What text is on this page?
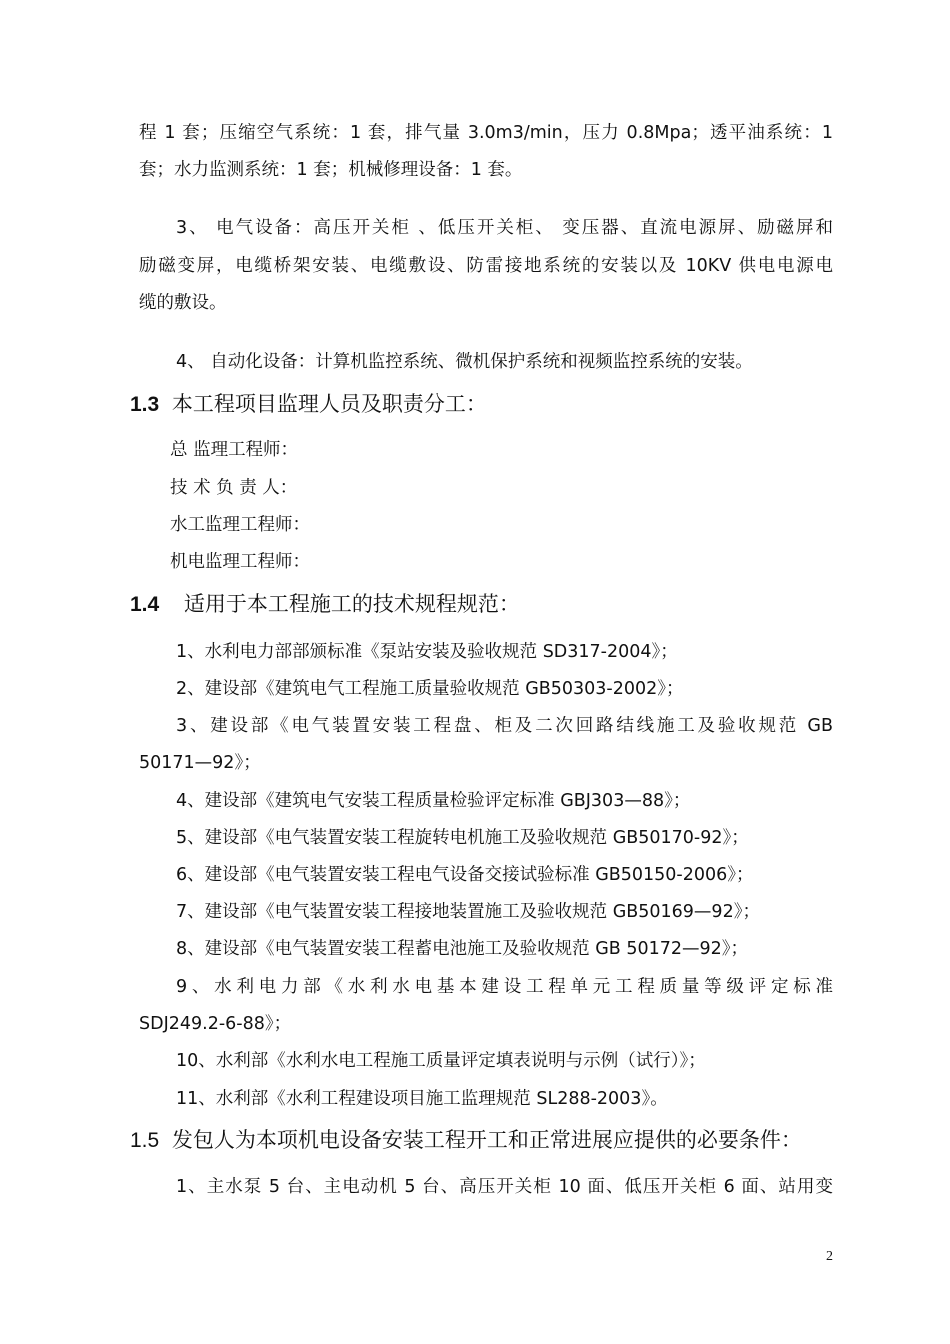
程 1 套；压缩空气系统：1 套，排气量 3.0m3/min，压力 0.8Mpa；透平油系统：1
套；水力监测系统：1 套；机械修理设备：1 套。
3、 电气设备：高压开关柜 、低压开关柜、 变压器、直流电源屏、励磁屏和
励磁变屏，电缆桥架安装、电缆敷设、防雷接地系统的安装以及 10KV 供电电源电
缆的敷设。
4、 自动化设备：计算机监控系统、微机保护系统和视频监控系统的安装。
1.3 本工程项目监理人员及职责分工：
总 监理工程师：
技 术 负 责 人：
水工监理工程师：
机电监理工程师：
1.4 适用于本工程施工的技术规程规范：
1、水利电力部部颁标准《泵站安装及验收规范 SD317-2004》；
2、建设部《建筑电气工程施工质量验收规范 GB50303-2002》；
3、建设部《电气装置安装工程盘、柜及二次回路结线施工及验收规范 GB
50171—92》；
4、建设部《建筑电气安装工程质量检验评定标准 GBJ303—88》；
5、建设部《电气装置安装工程旋转电机施工及验收规范 GB50170-92》；
6、建设部《电气装置安装工程电气设备交接试验标准 GB50150-2006》；
7、建设部《电气装置安装工程接地装置施工及验收规范 GB50169—92》；
8、建设部《电气装置安装工程蓄电池施工及验收规范 GB 50172—92》；
9、水利电力部《水利水电基本建设工程单元工程质量等级评定标准
SDJ249.2-6-88》；
10、水利部《水利水电工程施工质量评定填表说明与示例（试行）》；
11、水利部《水利工程建设项目施工监理规范 SL288-2003》。
1.5 发包人为本项机电设备安装工程开工和正常进展应提供的必要条件：
1、主水泵 5 台、主电动机 5 台、高压开关柜 10 面、低压开关柜 6 面、站用变
2
